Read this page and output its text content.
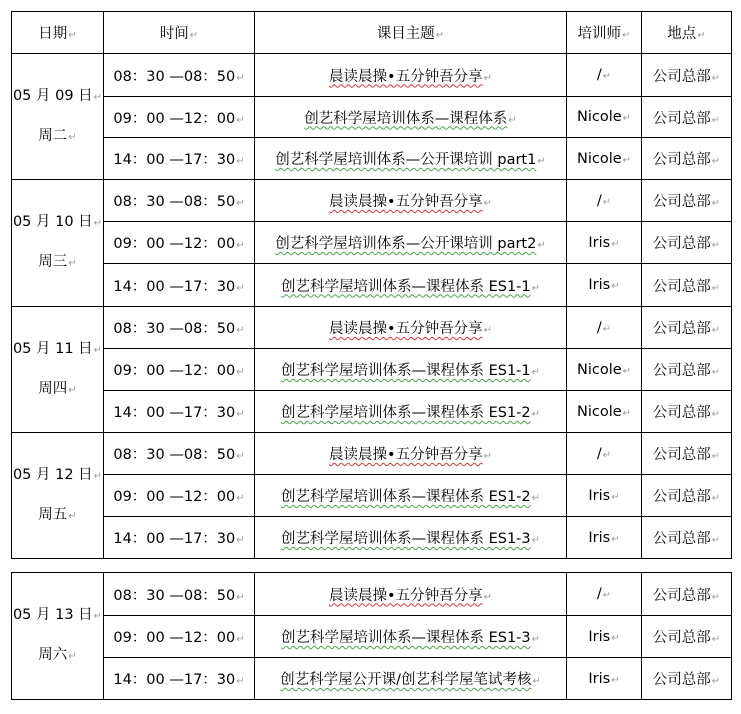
日期↵	时间↵	课目主题↵	培训师↵	地点↵

05 月 09 日↵
周二↵	08：30 —08：50↵	晨读晨操•五分钟吾分享↵	/↵	公司总部↵
	09：00 —12：00↵	创艺科学屋培训体系—课程体系↵	Nicole↵	公司总部↵
	14：00 —17：30↵	创艺科学屋培训体系—公开课培训 part1↵	Nicole↵	公司总部↵

05 月 10 日↵
周三↵	08：30 —08：50↵	晨读晨操•五分钟吾分享↵	/↵	公司总部↵
	09：00 —12：00↵	创艺科学屋培训体系—公开课培训 part2↵	Iris↵	公司总部↵
	14：00 —17：30↵	创艺科学屋培训体系—课程体系 ES1-1↵	Iris↵	公司总部↵

05 月 11 日↵
周四↵	08：30 —08：50↵	晨读晨操•五分钟吾分享↵	/↵	公司总部↵
	09：00 —12：00↵	创艺科学屋培训体系—课程体系 ES1-1↵	Nicole↵	公司总部↵
	14：00 —17：30↵	创艺科学屋培训体系—课程体系 ES1-2↵	Nicole↵	公司总部↵

05 月 12 日↵
周五↵	08：30 —08：50↵	晨读晨操•五分钟吾分享↵	/↵	公司总部↵
	09：00 —12：00↵	创艺科学屋培训体系—课程体系 ES1-2↵	Iris↵	公司总部↵
	14：00 —17：30↵	创艺科学屋培训体系—课程体系 ES1-3↵	Iris↵	公司总部↵
05 月 13 日↵
周六↵	08：30 —08：50↵	晨读晨操•五分钟吾分享↵	/↵	公司总部↵
	09：00 —12：00↵	创艺科学屋培训体系—课程体系 ES1-3↵	Iris↵	公司总部↵
	14：00 —17：30↵	创艺科学屋公开课/创艺科学屋笔试考核↵	Iris↵	公司总部↵
